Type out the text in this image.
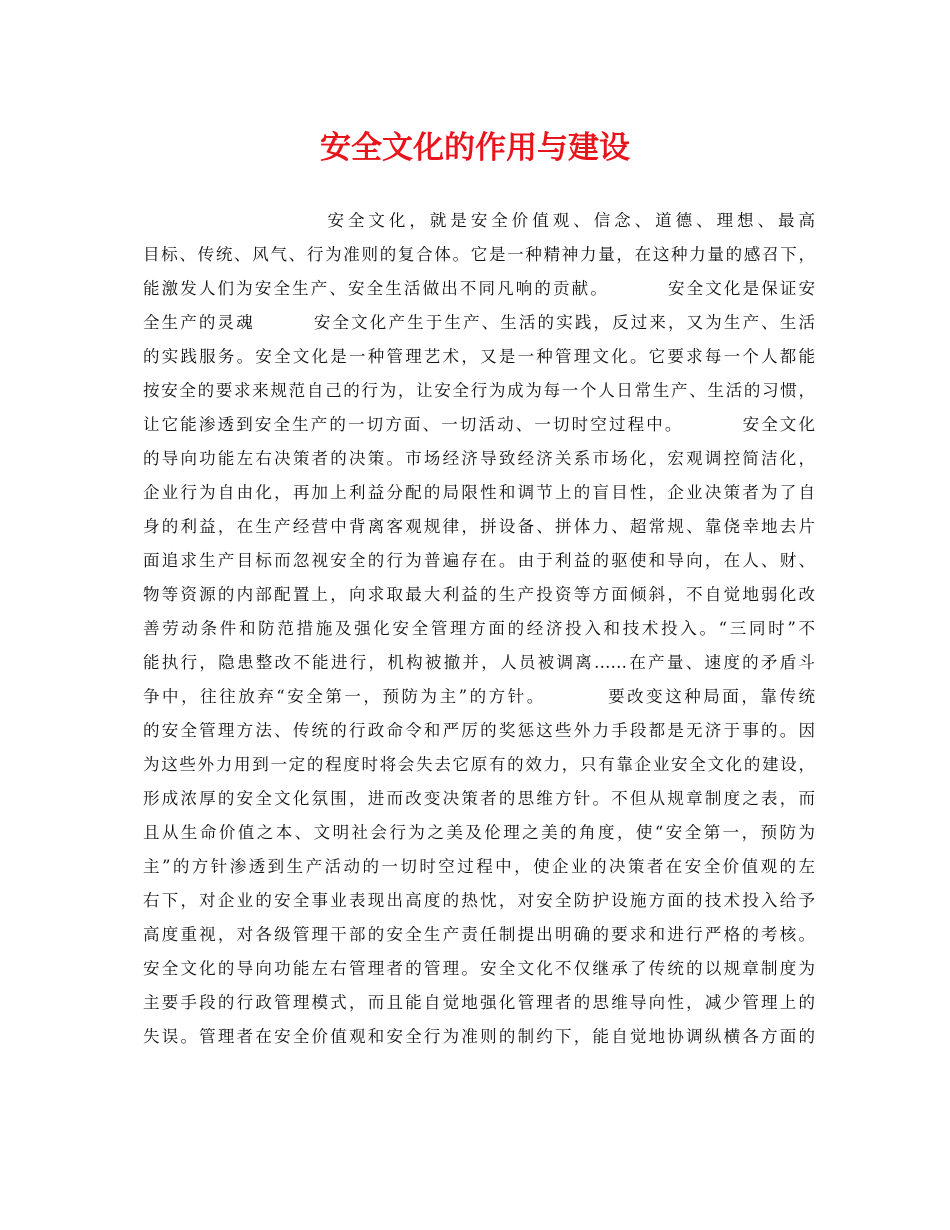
安全文化的作用与建设
安全文化，就是安全价值观、信念、道德、理想、最高
目标、传统、风气、行为准则的复合体。它是一种精神力量，在这种力量的感召下，
能激发人们为安全生产、安全生活做出不同凡响的贡献。        安全文化是保证安
全生产的灵魂        安全文化产生于生产、生活的实践，反过来，又为生产、生活
的实践服务。安全文化是一种管理艺术，又是一种管理文化。它要求每一个人都能
按安全的要求来规范自己的行为，让安全行为成为每一个人日常生产、生活的习惯，
让它能渗透到安全生产的一切方面、一切活动、一切时空过程中。        安全文化
的导向功能左右决策者的决策。市场经济导致经济关系市场化，宏观调控简洁化，
企业行为自由化，再加上利益分配的局限性和调节上的盲目性，企业决策者为了自
身的利益，在生产经营中背离客观规律，拼设备、拼体力、超常规、靠侥幸地去片
面追求生产目标而忽视安全的行为普遍存在。由于利益的驱使和导向，在人、财、
物等资源的内部配置上，向求取最大利益的生产投资等方面倾斜，不自觉地弱化改
善劳动条件和防范措施及强化安全管理方面的经济投入和技术投入。“三同时”不
能执行，隐患整改不能进行，机构被撤并，人员被调离……在产量、速度的矛盾斗
争中，往往放弃“安全第一，预防为主”的方针。        要改变这种局面，靠传统
的安全管理方法、传统的行政命令和严厉的奖惩这些外力手段都是无济于事的。因
为这些外力用到一定的程度时将会失去它原有的效力，只有靠企业安全文化的建设，
形成浓厚的安全文化氛围，进而改变决策者的思维方针。不但从规章制度之表，而
且从生命价值之本、文明社会行为之美及伦理之美的角度，使“安全第一，预防为
主”的方针渗透到生产活动的一切时空过程中，使企业的决策者在安全价值观的左
右下，对企业的安全事业表现出高度的热忱，对安全防护设施方面的技术投入给予
高度重视，对各级管理干部的安全生产责任制提出明确的要求和进行严格的考核。
安全文化的导向功能左右管理者的管理。安全文化不仅继承了传统的以规章制度为
主要手段的行政管理模式，而且能自觉地强化管理者的思维导向性，减少管理上的
失误。管理者在安全价值观和安全行为准则的制约下，能自觉地协调纵横各方面的
